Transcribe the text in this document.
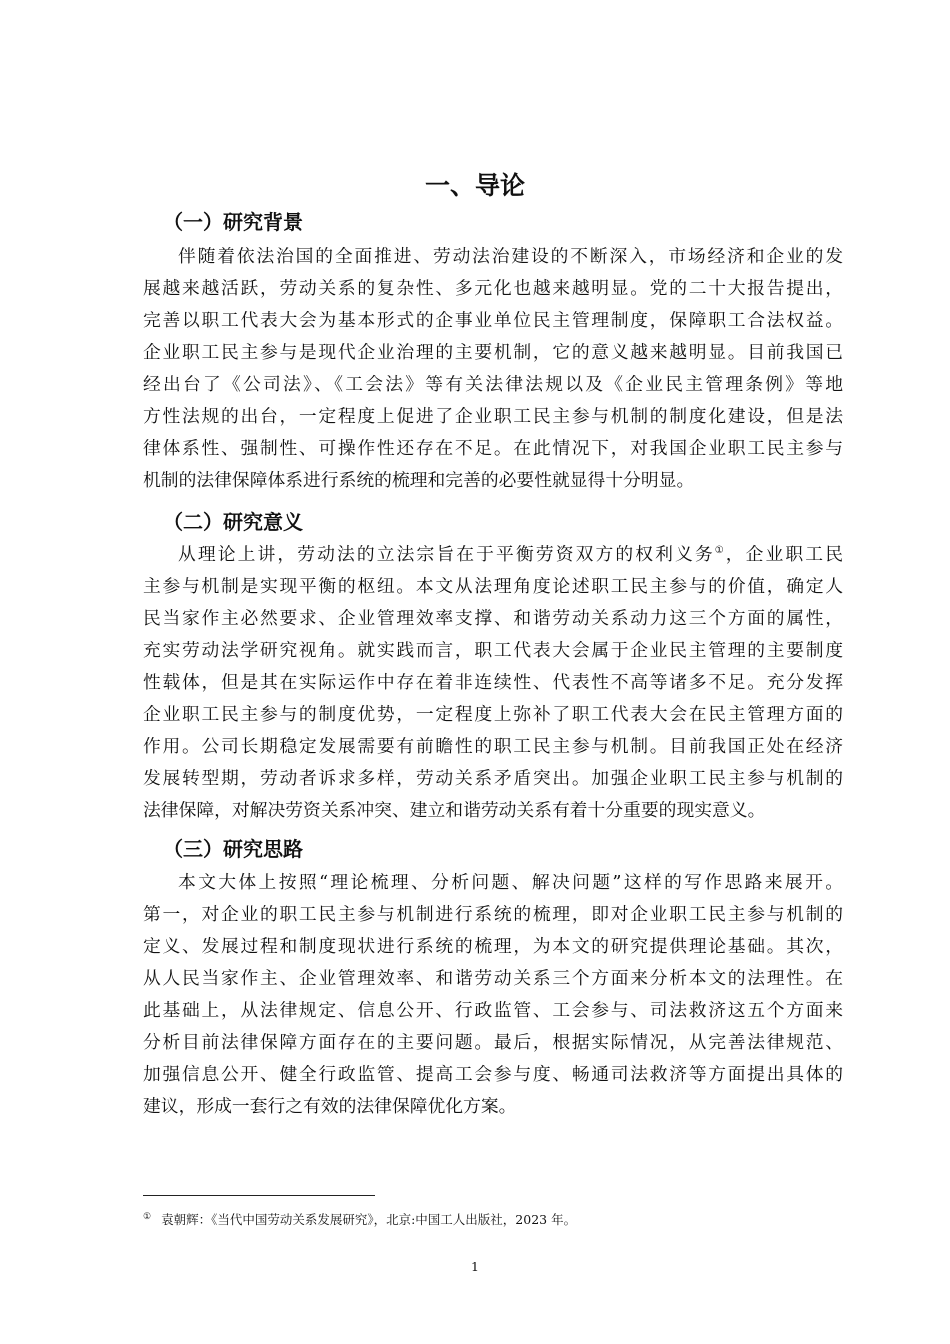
一、导论
（一）研究背景
伴随着依法治国的全面推进、劳动法治建设的不断深入，市场经济和企业的发
展越来越活跃，劳动关系的复杂性、多元化也越来越明显。党的二十大报告提出，
完善以职工代表大会为基本形式的企事业单位民主管理制度，保障职工合法权益。
企业职工民主参与是现代企业治理的主要机制，它的意义越来越明显。目前我国已
经出台了《公司法》、《工会法》等有关法律法规以及《企业民主管理条例》等地
方性法规的出台，一定程度上促进了企业职工民主参与机制的制度化建设，但是法
律体系性、强制性、可操作性还存在不足。在此情况下，对我国企业职工民主参与
机制的法律保障体系进行系统的梳理和完善的必要性就显得十分明显。
（二）研究意义
从理论上讲，劳动法的立法宗旨在于平衡劳资双方的权利义务①，企业职工民
主参与机制是实现平衡的枢纽。本文从法理角度论述职工民主参与的价值，确定人
民当家作主必然要求、企业管理效率支撑、和谐劳动关系动力这三个方面的属性，
充实劳动法学研究视角。就实践而言，职工代表大会属于企业民主管理的主要制度
性载体，但是其在实际运作中存在着非连续性、代表性不高等诸多不足。充分发挥
企业职工民主参与的制度优势，一定程度上弥补了职工代表大会在民主管理方面的
作用。公司长期稳定发展需要有前瞻性的职工民主参与机制。目前我国正处在经济
发展转型期，劳动者诉求多样，劳动关系矛盾突出。加强企业职工民主参与机制的
法律保障，对解决劳资关系冲突、建立和谐劳动关系有着十分重要的现实意义。
（三）研究思路
本文大体上按照“理论梳理、分析问题、解决问题”这样的写作思路来展开。
第一，对企业的职工民主参与机制进行系统的梳理，即对企业职工民主参与机制的
定义、发展过程和制度现状进行系统的梳理，为本文的研究提供理论基础。其次，
从人民当家作主、企业管理效率、和谐劳动关系三个方面来分析本文的法理性。在
此基础上，从法律规定、信息公开、行政监管、工会参与、司法救济这五个方面来
分析目前法律保障方面存在的主要问题。最后，根据实际情况，从完善法律规范、
加强信息公开、健全行政监管、提高工会参与度、畅通司法救济等方面提出具体的
建议，形成一套行之有效的法律保障优化方案。

① 袁朝辉：《当代中国劳动关系发展研究》，北京:中国工人出版社，2023 年。

1
